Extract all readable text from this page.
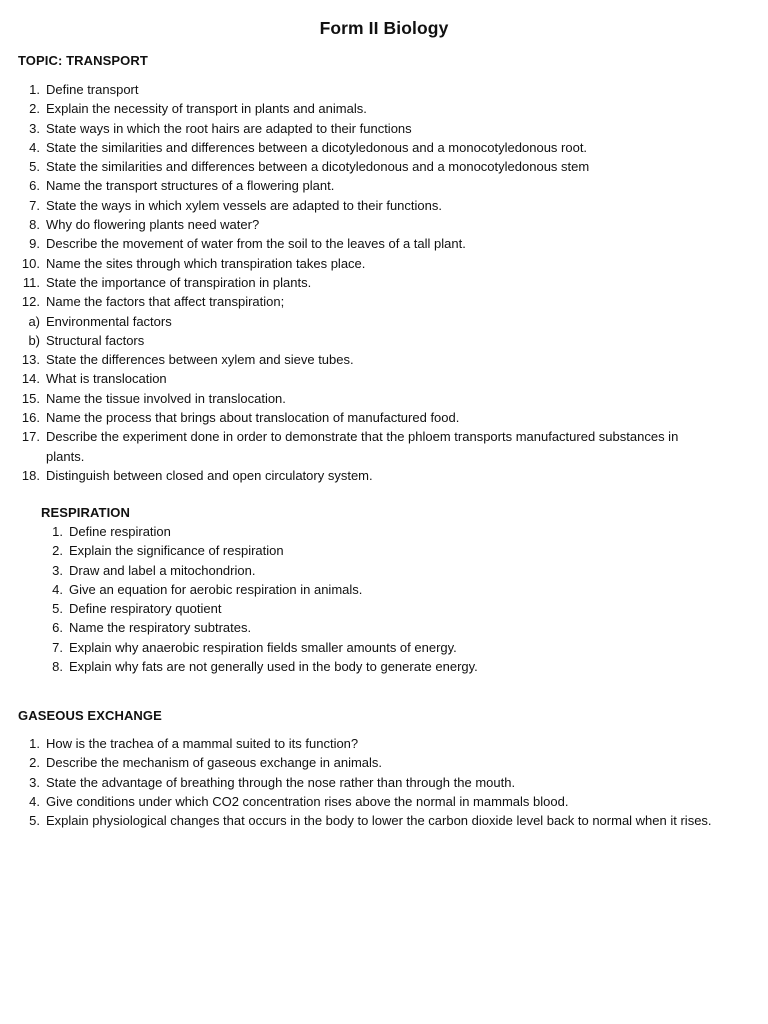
Form II Biology
TOPIC: TRANSPORT
1. Define transport
2. Explain the necessity of transport in plants and animals.
3. State ways in which the root hairs are adapted to their functions
4. State the similarities and differences between a dicotyledonous and a monocotyledonous root.
5. State the similarities and differences between a dicotyledonous and a monocotyledonous stem
6. Name the transport structures of a flowering plant.
7. State the ways in which xylem vessels are adapted to their functions.
8. Why do flowering plants need water?
9. Describe the movement of water from the soil to the leaves of a tall plant.
10. Name the sites through which transpiration takes place.
11. State the importance of transpiration in plants.
12. Name the factors that affect transpiration;
a) Environmental factors
b) Structural factors
13. State the differences between xylem and sieve tubes.
14. What is translocation
15. Name the tissue involved in translocation.
16. Name the process that brings about translocation of manufactured food.
17. Describe the experiment done in order to demonstrate that the phloem transports manufactured substances in plants.
18. Distinguish between closed and open circulatory system.
RESPIRATION
1. Define respiration
2. Explain the significance of respiration
3. Draw and label a mitochondrion.
4. Give an equation for aerobic respiration in animals.
5. Define respiratory quotient
6. Name the respiratory subtrates.
7. Explain why anaerobic respiration fields smaller amounts of energy.
8. Explain why fats are not generally used in the body to generate energy.
GASEOUS EXCHANGE
1. How is the trachea of a mammal suited to its function?
2. Describe the mechanism of gaseous exchange in animals.
3. State the advantage of breathing through the nose rather than through the mouth.
4. Give conditions under which CO2 concentration rises above the normal in mammals blood.
5. Explain physiological changes that occurs in the body to lower the carbon dioxide level back to normal when it rises.
